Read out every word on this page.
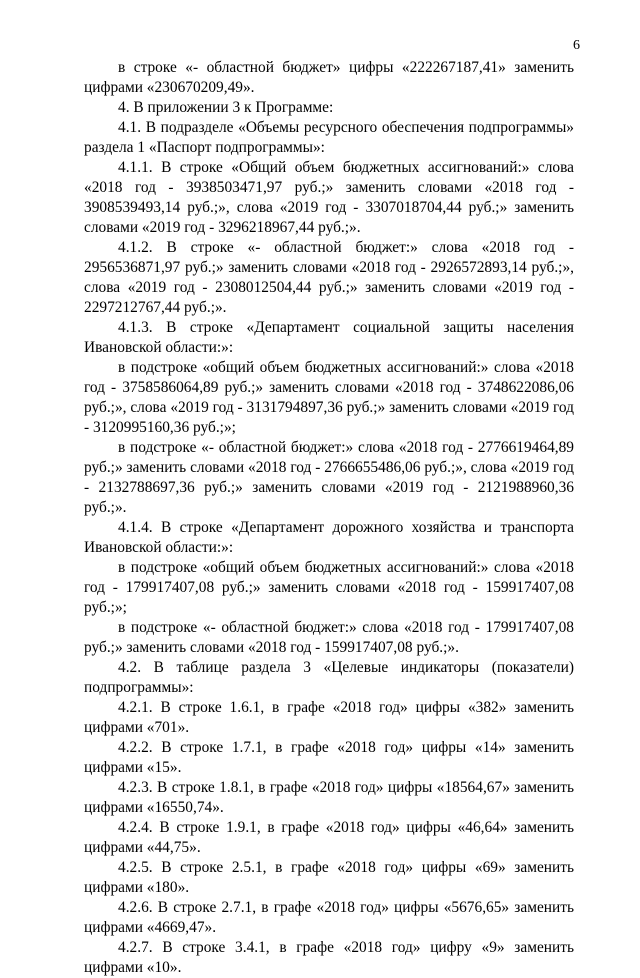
6

в строке «- областной бюджет» цифры «222267187,41» заменить цифрами «230670209,49».

4. В приложении 3 к Программе:

4.1. В подразделе «Объемы ресурсного обеспечения подпрограммы» раздела 1 «Паспорт подпрограммы»:

4.1.1. В строке «Общий объем бюджетных ассигнований:» слова «2018 год - 3938503471,97 руб.;» заменить словами «2018 год - 3908539493,14 руб.;», слова «2019 год - 3307018704,44 руб.;» заменить словами «2019 год - 3296218967,44 руб.;».

4.1.2. В строке «- областной бюджет:» слова «2018 год - 2956536871,97 руб.;» заменить словами «2018 год - 2926572893,14 руб.;», слова «2019 год - 2308012504,44 руб.;» заменить словами «2019 год - 2297212767,44 руб.;».

4.1.3. В строке «Департамент социальной защиты населения Ивановской области:»:

в подстроке «общий объем бюджетных ассигнований:» слова «2018 год - 3758586064,89 руб.;» заменить словами «2018 год - 3748622086,06 руб.;», слова «2019 год - 3131794897,36 руб.;» заменить словами «2019 год - 3120995160,36 руб.;»;

в подстроке «- областной бюджет:» слова «2018 год - 2776619464,89 руб.;» заменить словами «2018 год - 2766655486,06 руб.;», слова «2019 год - 2132788697,36 руб.;» заменить словами «2019 год - 2121988960,36 руб.;».

4.1.4. В строке «Департамент дорожного хозяйства и транспорта Ивановской области:»:

в подстроке «общий объем бюджетных ассигнований:» слова «2018 год - 179917407,08 руб.;» заменить словами «2018 год - 159917407,08 руб.;»;

в подстроке «- областной бюджет:» слова «2018 год - 179917407,08 руб.;» заменить словами «2018 год - 159917407,08 руб.;».

4.2. В таблице раздела 3 «Целевые индикаторы (показатели) подпрограммы»:

4.2.1. В строке 1.6.1, в графе «2018 год» цифры «382» заменить цифрами «701».

4.2.2. В строке 1.7.1, в графе «2018 год» цифры «14» заменить цифрами «15».

4.2.3. В строке 1.8.1, в графе «2018 год» цифры «18564,67» заменить цифрами «16550,74».

4.2.4. В строке 1.9.1, в графе «2018 год» цифры «46,64» заменить цифрами «44,75».

4.2.5. В строке 2.5.1, в графе «2018 год» цифры «69» заменить цифрами «180».

4.2.6. В строке 2.7.1, в графе «2018 год» цифры «5676,65» заменить цифрами «4669,47».

4.2.7. В строке 3.4.1, в графе «2018 год» цифру «9» заменить цифрами «10».
